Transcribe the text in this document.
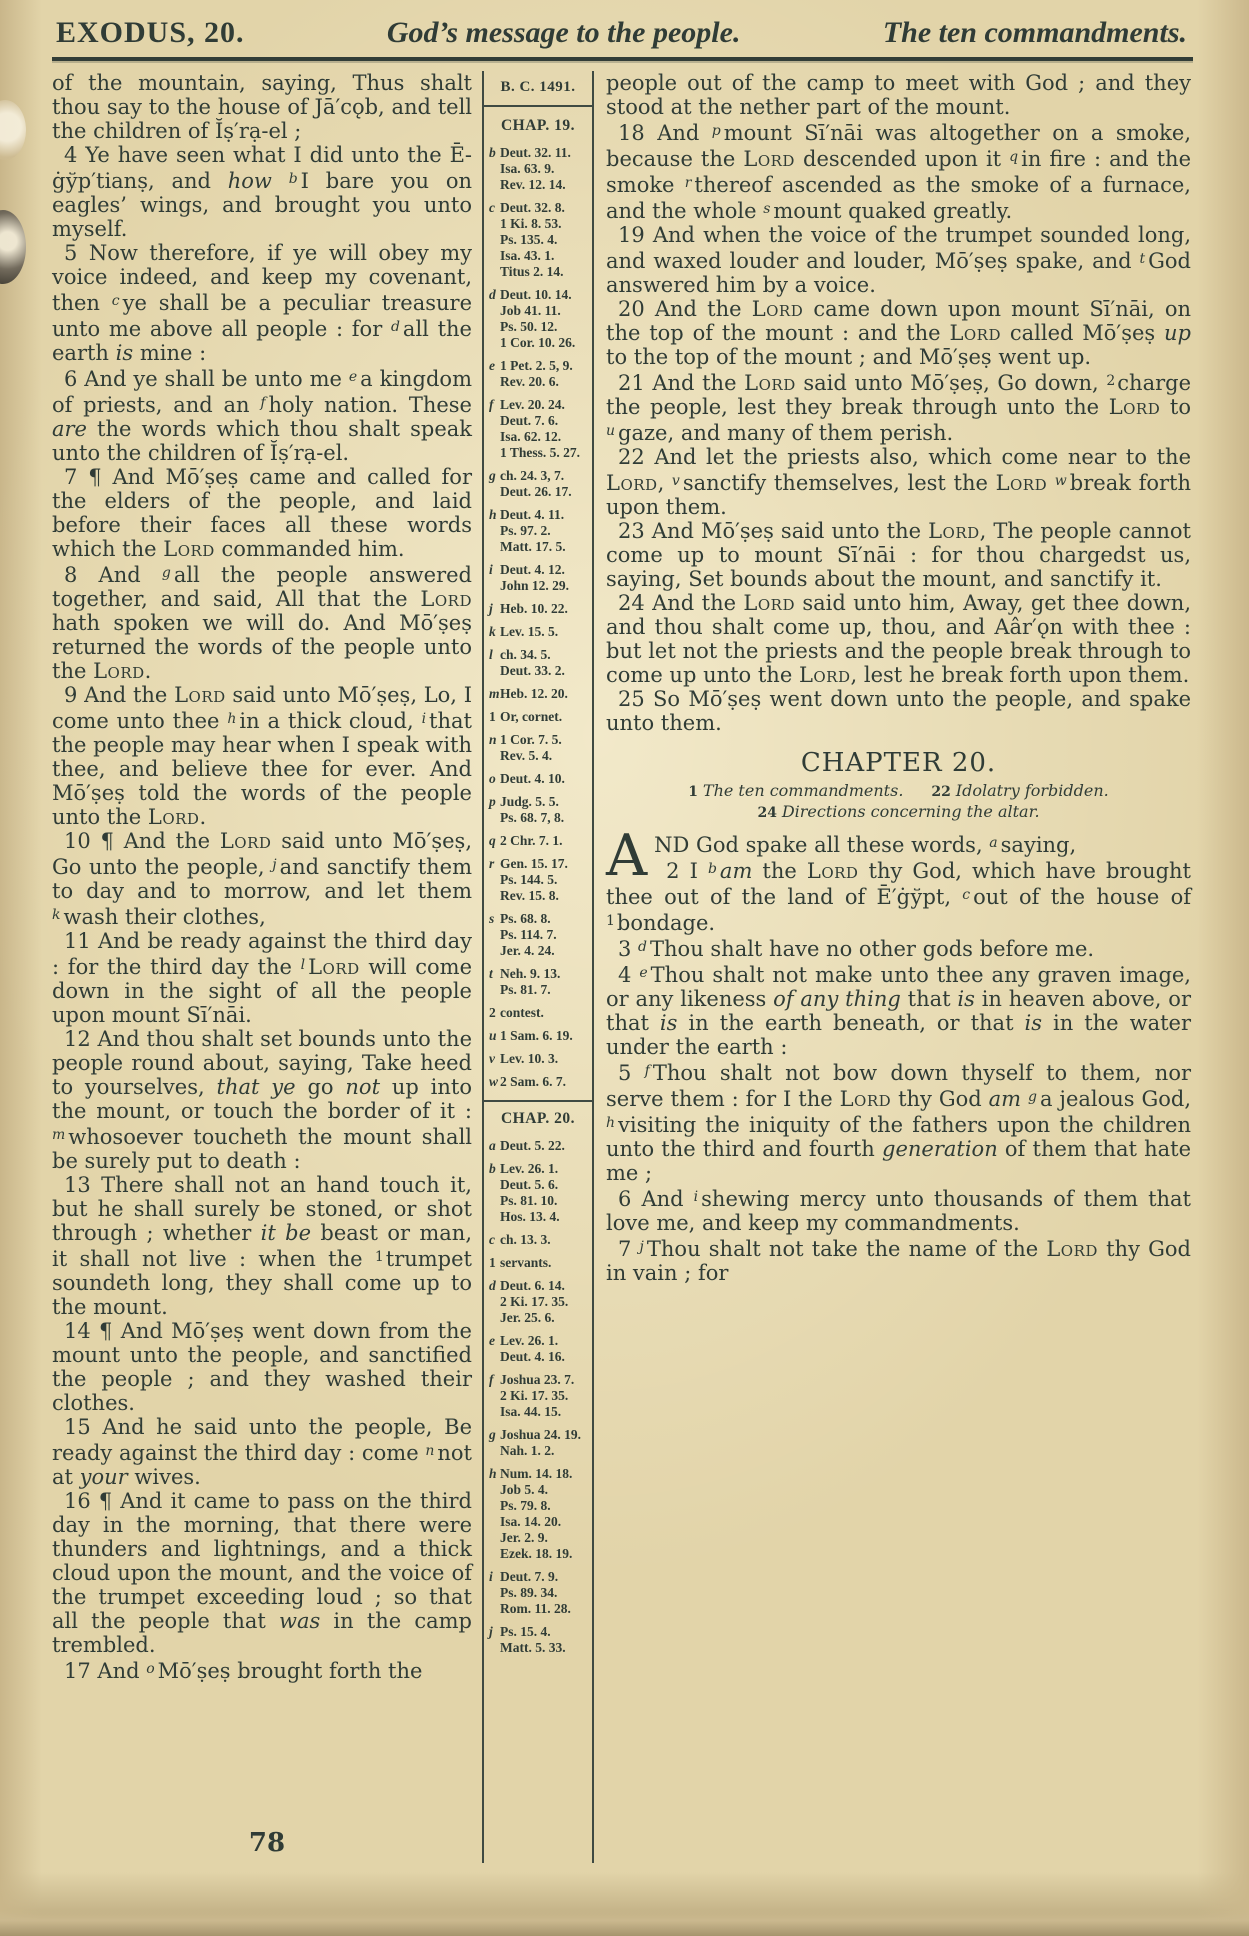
EXODUS, 20.	God’s message to the people.	The ten commandments.

of the mountain, saying, Thus shalt thou say to the house of Jā′cǫb, and tell the children of Ĭṣ′rạ-el ;

4 Ye have seen what I did unto the Ē-ġўp′tianṣ, and how $^b$ I bare you on eagles’ wings, and brought you unto myself.

5 Now therefore, if ye will obey my voice indeed, and keep my covenant, then $^c$ ye shall be a peculiar treasure unto me above all people : for $^d$ all the earth is mine :

6 And ye shall be unto me $^e$ a kingdom of priests, and an $^f$ holy nation. These are the words which thou shalt speak unto the children of Ĭṣ′rạ-el.

7 ¶ And Mō′ṣeṣ came and called for the elders of the people, and laid before their faces all these words which the Lord commanded him.

8 And $^g$ all the people answered together, and said, All that the Lord hath spoken we will do. And Mō′ṣeṣ returned the words of the people unto the Lord.

9 And the Lord said unto Mō′ṣeṣ, Lo, I come unto thee $^h$ in a thick cloud, $^i$ that the people may hear when I speak with thee, and believe thee for ever. And Mō′ṣeṣ told the words of the people unto the Lord.

10 ¶ And the Lord said unto Mō′ṣeṣ, Go unto the people, $^j$ and sanctify them to day and to morrow, and let them $^k$ wash their clothes,

11 And be ready against the third day : for the third day the $^l$ Lord will come down in the sight of all the people upon mount Sī′nāi.

12 And thou shalt set bounds unto the people round about, saying, Take heed to yourselves, that ye go not up into the mount, or touch the border of it : $^m$ whosoever toucheth the mount shall be surely put to death :

13 There shall not an hand touch it, but he shall surely be stoned, or shot through ; whether it be beast or man, it shall not live : when the $^1$trumpet soundeth long, they shall come up to the mount.

14 ¶ And Mō′ṣeṣ went down from the mount unto the people, and sanctified the people ; and they washed their clothes.

15 And he said unto the people, Be ready against the third day : come $^n$ not at your wives.

16 ¶ And it came to pass on the third day in the morning, that there were thunders and lightnings, and a thick cloud upon the mount, and the voice of the trumpet exceeding loud ; so that all the people that was in the camp trembled.

17 And $^o$ Mō′ṣeṣ brought forth the

B. C. 1491.
CHAP. 19.
b Deut. 32. 11.
Isa. 63. 9.
Rev. 12. 14.
c Deut. 32. 8.
1 Ki. 8. 53.
Ps. 135. 4.
Isa. 43. 1.
Titus 2. 14.
d Deut. 10. 14.
Job 41. 11.
Ps. 50. 12.
1 Cor. 10. 26.
e 1 Pet. 2. 5, 9.
Rev. 20. 6.
f Lev. 20. 24.
Deut. 7. 6.
Isa. 62. 12.
1 Thess. 5. 27.
g ch. 24. 3, 7.
Deut. 26. 17.
h Deut. 4. 11.
Ps. 97. 2.
Matt. 17. 5.
i Deut. 4. 12.
John 12. 29.
j Heb. 10. 22.
k Lev. 15. 5.
l ch. 34. 5.
Deut. 33. 2.
m Heb. 12. 20.
1 Or, cornet.
n 1 Cor. 7. 5.
Rev. 5. 4.
o Deut. 4. 10.
p Judg. 5. 5.
Ps. 68. 7, 8.
q 2 Chr. 7. 1.
r Gen. 15. 17.
Ps. 144. 5.
Rev. 15. 8.
s Ps. 68. 8.
Ps. 114. 7.
Jer. 4. 24.
t Neh. 9. 13.
Ps. 81. 7.
2 contest.
u 1 Sam. 6. 19.
v Lev. 10. 3.
w 2 Sam. 6. 7.
CHAP. 20.
a Deut. 5. 22.
b Lev. 26. 1.
Deut. 5. 6.
Ps. 81. 10.
Hos. 13. 4.
c ch. 13. 3.
1 servants.
d Deut. 6. 14.
2 Ki. 17. 35.
Jer. 25. 6.
e Lev. 26. 1.
Deut. 4. 16.
f Joshua 23. 7.
2 Ki. 17. 35.
Isa. 44. 15.
g Joshua 24. 19.
Nah. 1. 2.
h Num. 14. 18.
Job 5. 4.
Ps. 79. 8.
Isa. 14. 20.
Jer. 2. 9.
Ezek. 18. 19.
i Deut. 7. 9.
Ps. 89. 34.
Rom. 11. 28.
j Ps. 15. 4.
Matt. 5. 33.

people out of the camp to meet with God ; and they stood at the nether part of the mount.

18 And $^p$ mount Sī′nāi was altogether on a smoke, because the Lord descended upon it $^q$ in fire : and the smoke $^r$ thereof ascended as the smoke of a furnace, and the whole $^s$ mount quaked greatly.

19 And when the voice of the trumpet sounded long, and waxed louder and louder, Mō′ṣeṣ spake, and $^t$ God answered him by a voice.

20 And the Lord came down upon mount Sī′nāi, on the top of the mount : and the Lord called Mō′ṣeṣ up to the top of the mount ; and Mō′ṣeṣ went up.

21 And the Lord said unto Mō′ṣeṣ, Go down, $^2$charge the people, lest they break through unto the Lord to $^u$ gaze, and many of them perish.

22 And let the priests also, which come near to the Lord, $^v$ sanctify themselves, lest the Lord $^w$ break forth upon them.

23 And Mō′ṣeṣ said unto the Lord, The people cannot come up to mount Sī′nāi : for thou chargedst us, saying, Set bounds about the mount, and sanctify it.

24 And the Lord said unto him, Away, get thee down, and thou shalt come up, thou, and Aâr′ǫn with thee : but let not the priests and the people break through to come up unto the Lord, lest he break forth upon them.

25 So Mō′ṣeṣ went down unto the people, and spake unto them.

CHAPTER 20.
1 The ten commandments.   22 Idolatry forbidden.
24 Directions concerning the altar.

AND God spake all these words, $^a$ saying,

2 I $^b$ am the Lord thy God, which have brought thee out of the land of Ē′ġўpt, $^c$ out of the house of $^1$bondage.

3 $^d$ Thou shalt have no other gods before me.

4 $^e$ Thou shalt not make unto thee any graven image, or any likeness of any thing that is in heaven above, or that is in the earth beneath, or that is in the water under the earth :

5 $^f$ Thou shalt not bow down thyself to them, nor serve them : for I the Lord thy God am $^g$ a jealous God, $^h$ visiting the iniquity of the fathers upon the children unto the third and fourth generation of them that hate me ;

6 And $^i$ shewing mercy unto thousands of them that love me, and keep my commandments.

7 $^j$ Thou shalt not take the name of the Lord thy God in vain ; for

78
